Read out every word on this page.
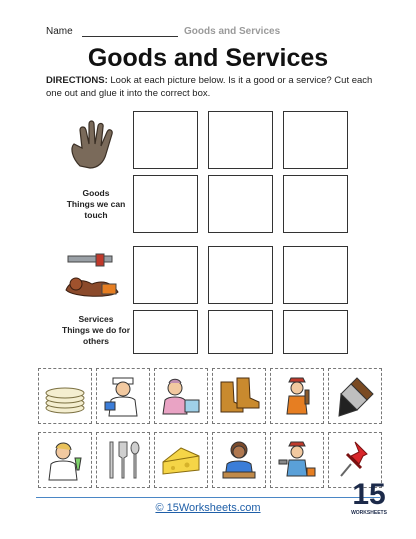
Name	Goods and Services
Goods and Services
DIRECTIONS: Look at each picture below. Is it a good or a service? Cut each one out and glue it into the correct box.
Goods
Things we can
touch
Services
Things we do for
others
© 15Worksheets.com	15
WORKSHEETS
